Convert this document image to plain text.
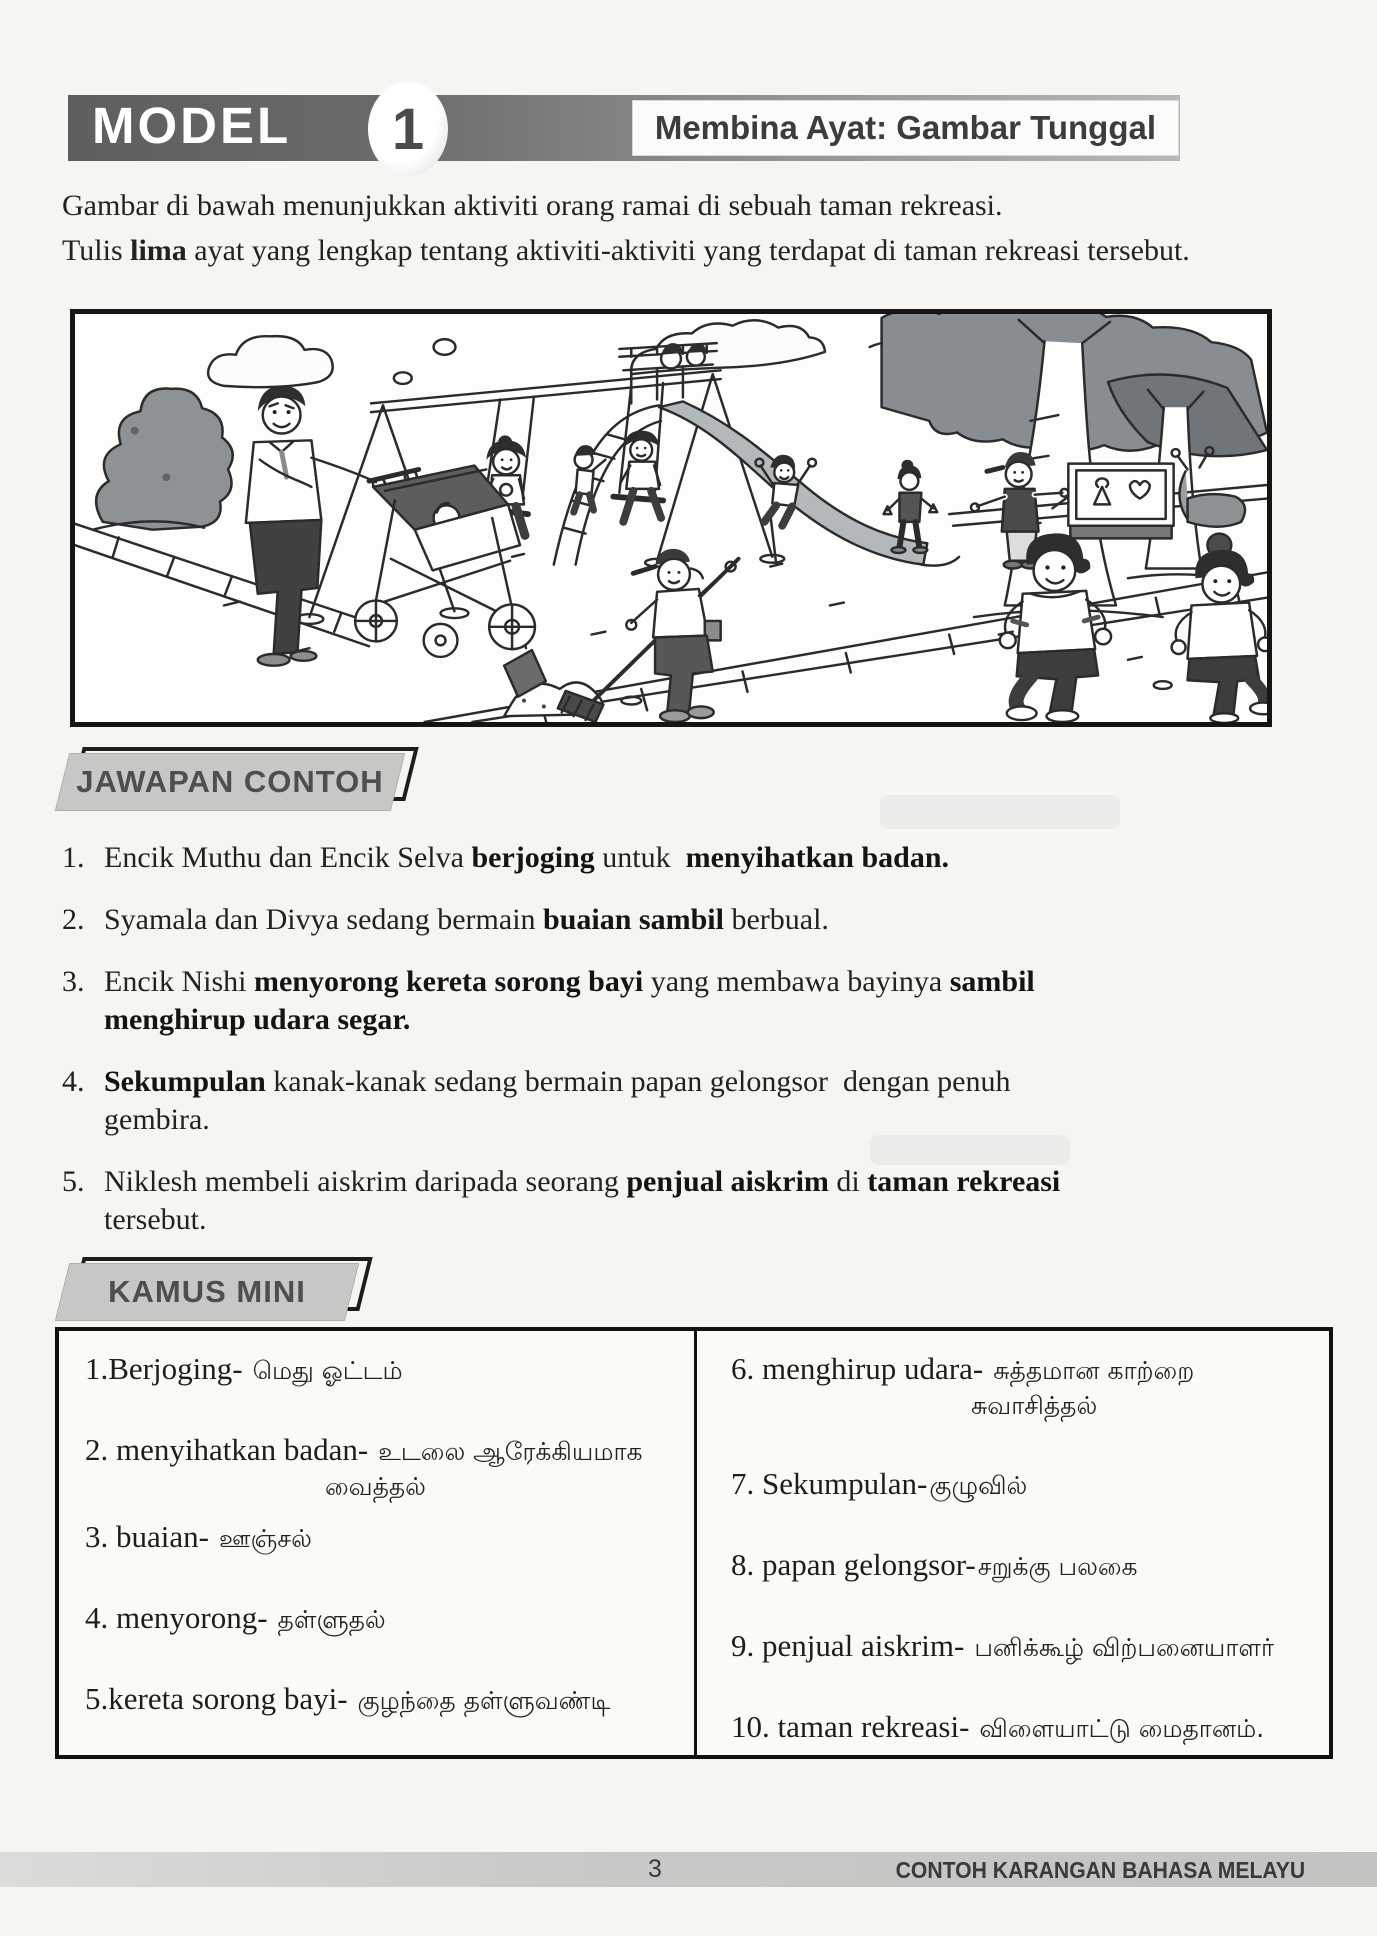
MODEL 1	Membina Ayat: Gambar Tunggal
Gambar di bawah menunjukkan aktiviti orang ramai di sebuah taman rekreasi.
Tulis lima ayat yang lengkap tentang aktiviti-aktiviti yang terdapat di taman rekreasi tersebut.
JAWAPAN CONTOH
1. Encik Muthu dan Encik Selva berjoging untuk  menyihatkan badan.
2. Syamala dan Divya sedang bermain buaian sambil berbual.
3. Encik Nishi menyorong kereta sorong bayi yang membawa bayinya sambil
menghirup udara segar.
4. Sekumpulan kanak-kanak sedang bermain papan gelongsor  dengan penuh
gembira.
5. Niklesh membeli aiskrim daripada seorang penjual aiskrim di taman rekreasi
tersebut.
KAMUS MINI
1.Berjoging- மெது ஓட்டம்
2. menyihatkan badan- உடலை ஆரேக்கியமாக
வைத்தல்
3. buaian- ஊஞ்சல்
4. menyorong- தள்ளுதல்
5.kereta sorong bayi- குழந்தை தள்ளுவண்டி
6. menghirup udara- சுத்தமான காற்றை
சுவாசித்தல்
7. Sekumpulan-குழுவில்
8. papan gelongsor-சறுக்கு பலகை
9. penjual aiskrim- பனிக்கூழ் விற்பனையாளர்
10. taman rekreasi- விளையாட்டு மைதானம்.
3	CONTOH KARANGAN BAHASA MELAYU
